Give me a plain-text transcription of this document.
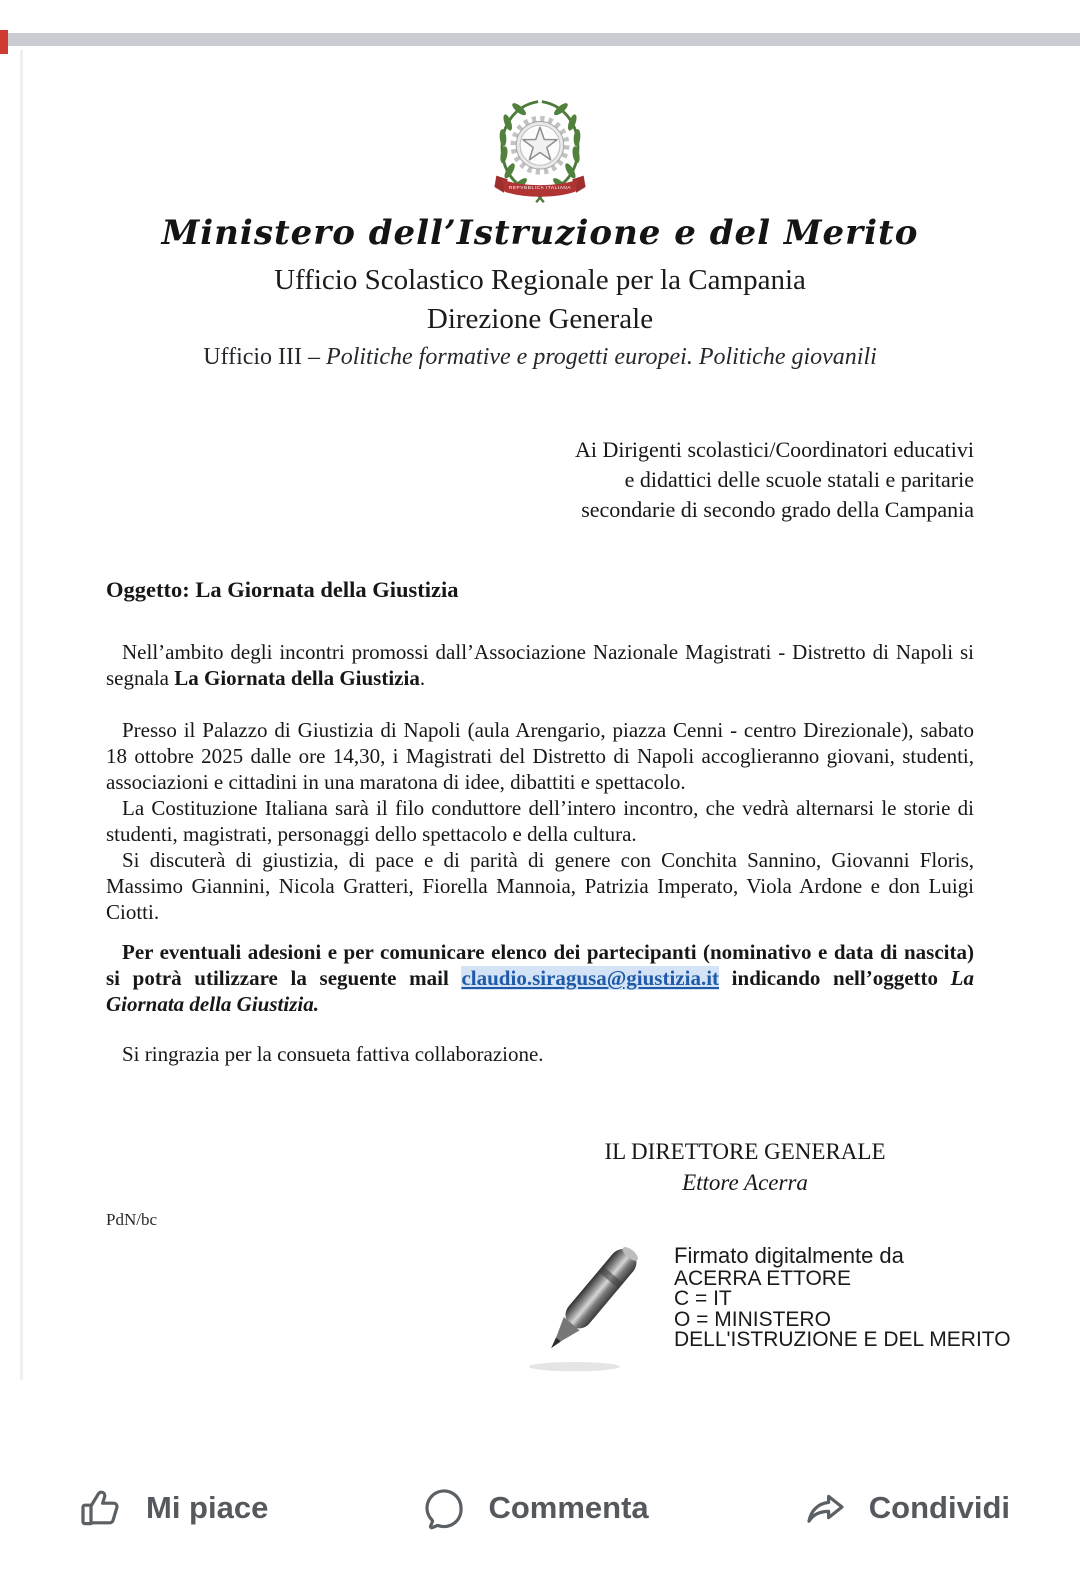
REPVBBLICA ITALIANA
Ministero dell’Istruzione e del Merito
Ufficio Scolastico Regionale per la Campania
Direzione Generale
Ufficio III – Politiche formative e progetti europei. Politiche giovanili
Ai Dirigenti scolastici/Coordinatori educativi
e didattici delle scuole statali e paritarie
secondarie di secondo grado della Campania
Oggetto: La Giornata della Giustizia

Nell’ambito degli incontri promossi dall’Associazione Nazionale Magistrati - Distretto di Napoli si segnala La Giornata della Giustizia.

Presso il Palazzo di Giustizia di Napoli (aula Arengario, piazza Cenni - centro Direzionale), sabato 18 ottobre 2025 dalle ore 14,30, i Magistrati del Distretto di Napoli accoglieranno giovani, studenti, associazioni e cittadini in una maratona di idee, dibattiti e spettacolo.

La Costituzione Italiana sarà il filo conduttore dell’intero incontro, che vedrà alternarsi le storie di studenti, magistrati, personaggi dello spettacolo e della cultura.

Si discuterà di giustizia, di pace e di parità di genere con Conchita Sannino, Giovanni Floris, Massimo Giannini, Nicola Gratteri, Fiorella Mannoia, Patrizia Imperato, Viola Ardone e don Luigi Ciotti.

Per eventuali adesioni e per comunicare elenco dei partecipanti (nominativo e data di nascita) si potrà utilizzare la seguente mail claudio.siragusa@giustizia.it indicando nell’oggetto La Giornata della Giustizia.

Si ringrazia per la consueta fattiva collaborazione.

IL DIRETTORE GENERALE
Ettore Acerra
PdN/bc
Firmato digitalmente da
ACERRA ETTORE
C = IT
O = MINISTERO
DELL'ISTRUZIONE E DEL MERITO
Mi piace	Commenta	Condividi
